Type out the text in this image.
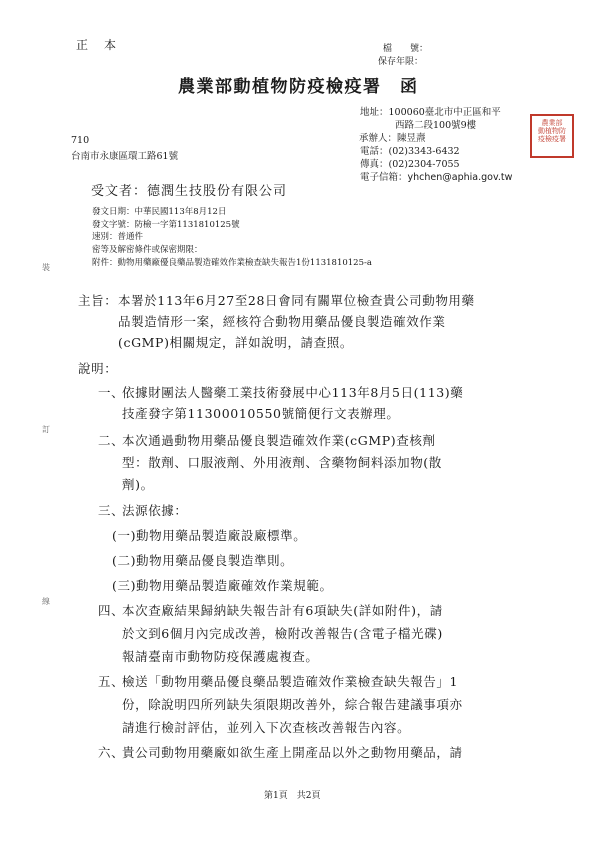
正　本	檔　　號：
保存年限：
農業部動植物防疫檢疫署　函
地址：100060臺北市中正區和平
西路二段100號9樓
承辦人：陳昱燾
電話：(02)3343-6432
傳真：(02)2304-7055
電子信箱：yhchen@aphia.gov.tw
農業部
動植物防
疫檢疫署
710
台南市永康區環工路61號
受文者：德潤生技股份有限公司
發文日期：中華民國113年8月12日
發文字號：防檢一字第1131810125號
速別：普通件
密等及解密條件或保密期限：
附件：動物用藥廠優良藥品製造確效作業檢查缺失報告1份1131810125-a
裝
訂
線
主旨： 本署於113年6月27至28日會同有關單位檢查貴公司動物用藥
品製造情形一案，經核符合動物用藥品優良製造確效作業
(cGMP)相關規定，詳如說明，請查照。
說明：
一、
依據財團法人醫藥工業技術發展中心113年8月5日(113)藥
技產發字第11300010550號簡便行文表辦理。
二、
本次通過動物用藥品優良製造確效作業(cGMP)查核劑
型：散劑、口服液劑、外用液劑、含藥物飼料添加物(散
劑)。
三、
法源依據：
(一)動物用藥品製造廠設廠標準。
(二)動物用藥品優良製造準則。
(三)動物用藥品製造廠確效作業規範。
四、
本次查廠結果歸納缺失報告計有6項缺失(詳如附件)，請
於文到6個月內完成改善，檢附改善報告(含電子檔光碟)
報請臺南市動物防疫保護處複查。
五、
檢送「動物用藥品優良藥品製造確效作業檢查缺失報告」1
份，除說明四所列缺失須限期改善外，綜合報告建議事項亦
請進行檢討評估，並列入下次查核改善報告內容。
六、
貴公司動物用藥廠如欲生產上開產品以外之動物用藥品，請
第1頁　共2頁
